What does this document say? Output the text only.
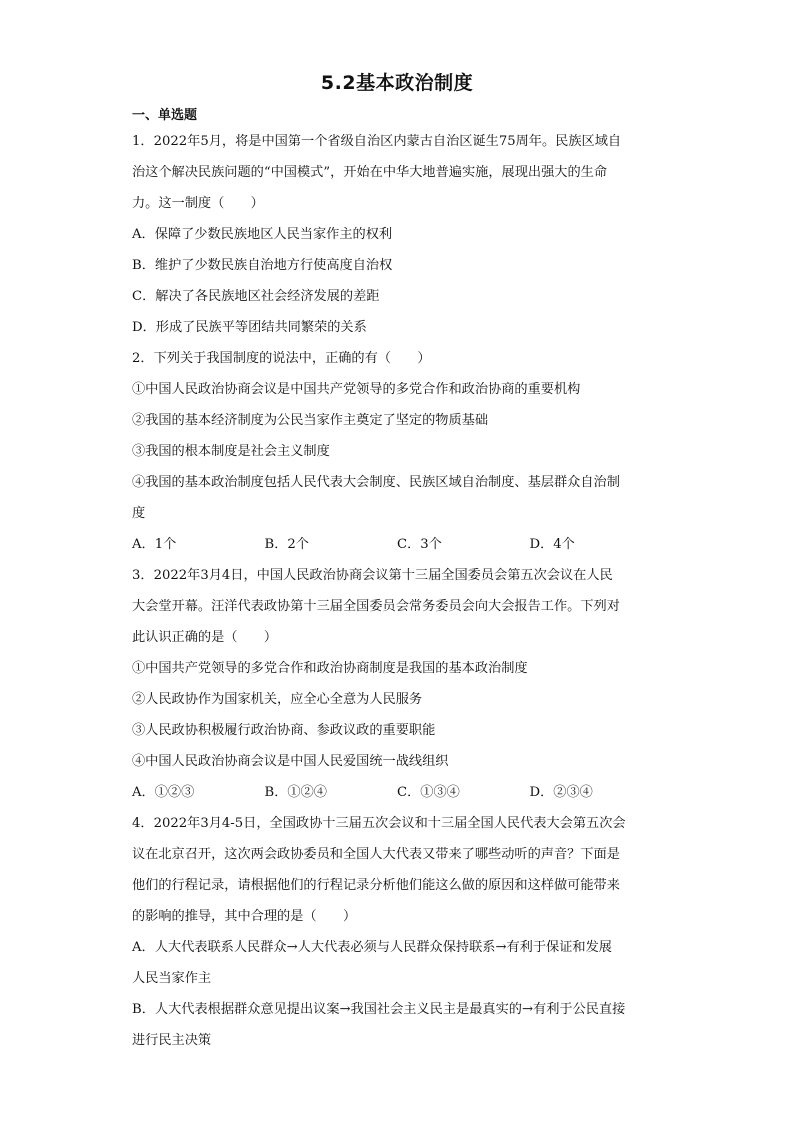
5.2基本政治制度
一、单选题
1．2022年5月，将是中国第一个省级自治区内蒙古自治区诞生75周年。民族区域自
治这个解决民族问题的“中国模式”，开始在中华大地普遍实施，展现出强大的生命
力。这一制度（　　）
A．保障了少数民族地区人民当家作主的权利
B．维护了少数民族自治地方行使高度自治权
C．解决了各民族地区社会经济发展的差距
D．形成了民族平等团结共同繁荣的关系
2．下列关于我国制度的说法中，正确的有（　　）
①中国人民政治协商会议是中国共产党领导的多党合作和政治协商的重要机构
②我国的基本经济制度为公民当家作主奠定了坚定的物质基础
③我国的根本制度是社会主义制度
④我国的基本政治制度包括人民代表大会制度、民族区域自治制度、基层群众自治制
度
A．1个	B．2个	C．3个	D．4个
3．2022年3月4日，中国人民政治协商会议第十三届全国委员会第五次会议在人民
大会堂开幕。汪洋代表政协第十三届全国委员会常务委员会向大会报告工作。下列对
此认识正确的是（　　）
①中国共产党领导的多党合作和政治协商制度是我国的基本政治制度
②人民政协作为国家机关，应全心全意为人民服务
③人民政协积极履行政治协商、参政议政的重要职能
④中国人民政治协商会议是中国人民爱国统一战线组织
A．①②③	B．①②④	C．①③④	D．②③④
4．2022年3月4-5日，全国政协十三届五次会议和十三届全国人民代表大会第五次会
议在北京召开，这次两会政协委员和全国人大代表又带来了哪些动听的声音？下面是
他们的行程记录，请根据他们的行程记录分析他们能这么做的原因和这样做可能带来
的影响的推导，其中合理的是（　　）
A．人大代表联系人民群众→人大代表必须与人民群众保持联系→有利于保证和发展
人民当家作主
B．人大代表根据群众意见提出议案→我国社会主义民主是最真实的→有利于公民直接
进行民主决策
